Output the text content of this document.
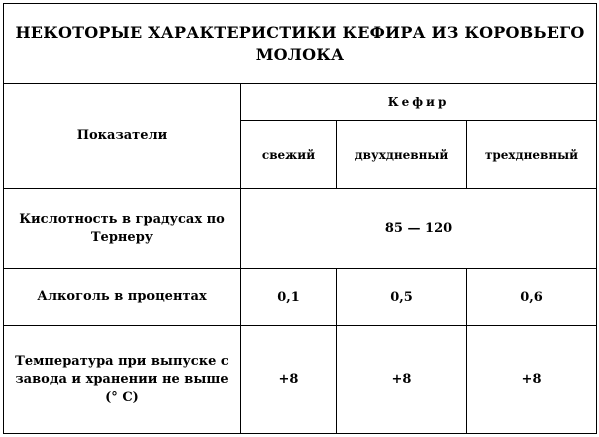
НЕКОТОРЫЕ ХАРАКТЕРИСТИКИ КЕФИРА ИЗ КОРОВЬЕГО МОЛОКА			
Показатели	Кефир		
	свежий	двухдневный	трехдневный
Кислотность в градусах по Тернеру	85 — 120		
Алкоголь в процентах	0,1	0,5	0,6
Температура при выпуске с завода и хранении не выше (° С)	+8	+8	+8
